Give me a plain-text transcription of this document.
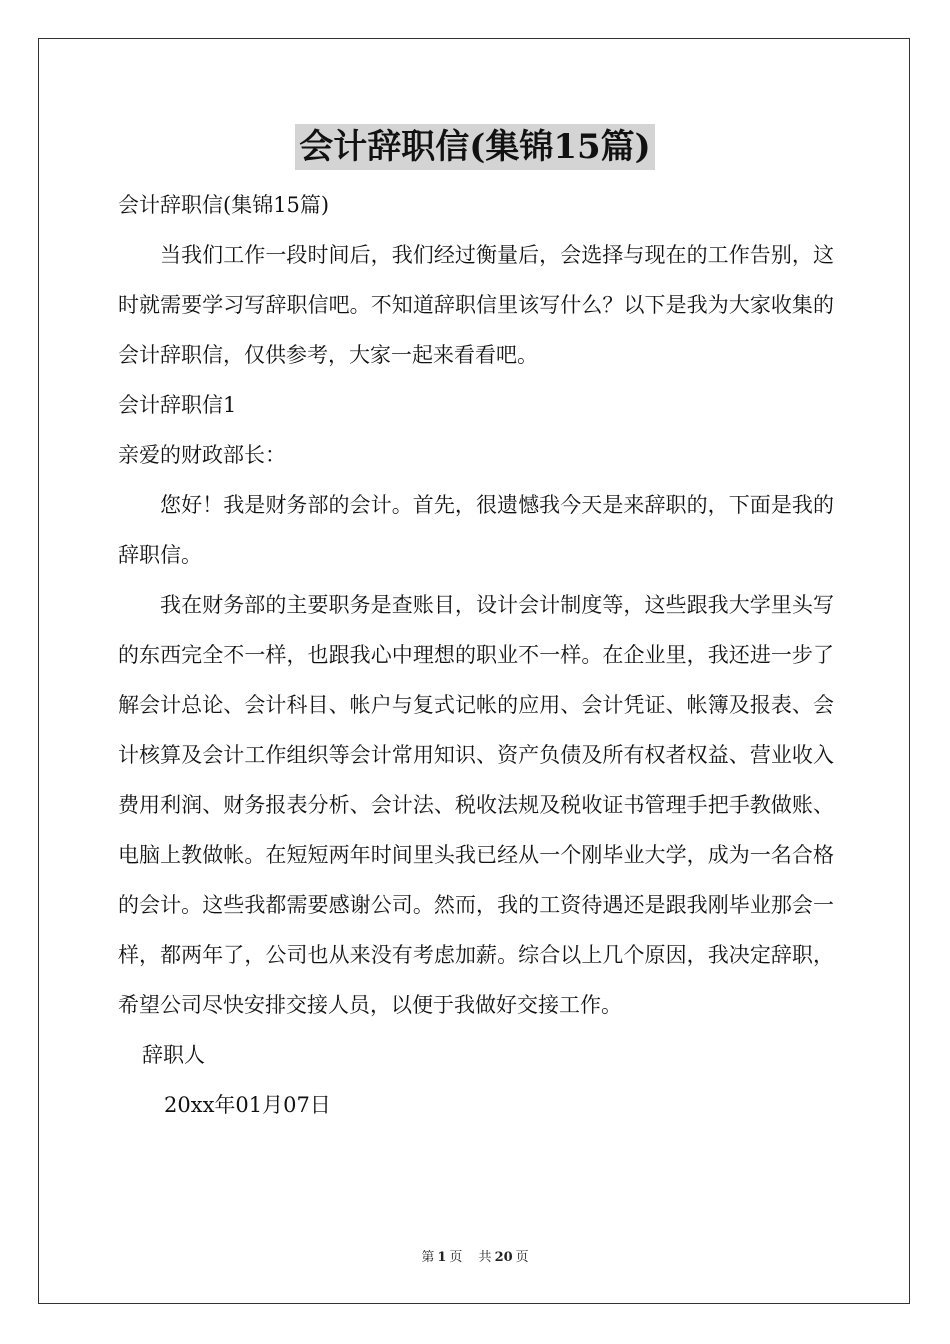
会计辞职信(集锦15篇)

会计辞职信(集锦15篇)

当我们工作一段时间后，我们经过衡量后，会选择与现在的工作告别，这时就需要学习写辞职信吧。不知道辞职信里该写什么？以下是我为大家收集的会计辞职信，仅供参考，大家一起来看看吧。

会计辞职信1

亲爱的财政部长：

您好！我是财务部的会计。首先，很遗憾我今天是来辞职的，下面是我的辞职信。

我在财务部的主要职务是查账目，设计会计制度等，这些跟我大学里头写的东西完全不一样，也跟我心中理想的职业不一样。在企业里，我还进一步了解会计总论、会计科目、帐户与复式记帐的应用、会计凭证、帐簿及报表、会计核算及会计工作组织等会计常用知识、资产负债及所有权者权益、营业收入费用利润、财务报表分析、会计法、税收法规及税收证书管理手把手教做账、电脑上教做帐。在短短两年时间里头我已经从一个刚毕业大学，成为一名合格的会计。这些我都需要感谢公司。然而，我的工资待遇还是跟我刚毕业那会一样，都两年了，公司也从来没有考虑加薪。综合以上几个原因，我决定辞职，希望公司尽快安排交接人员，以便于我做好交接工作。

辞职人

20xx年01月07日

第 1 页 共 20 页
